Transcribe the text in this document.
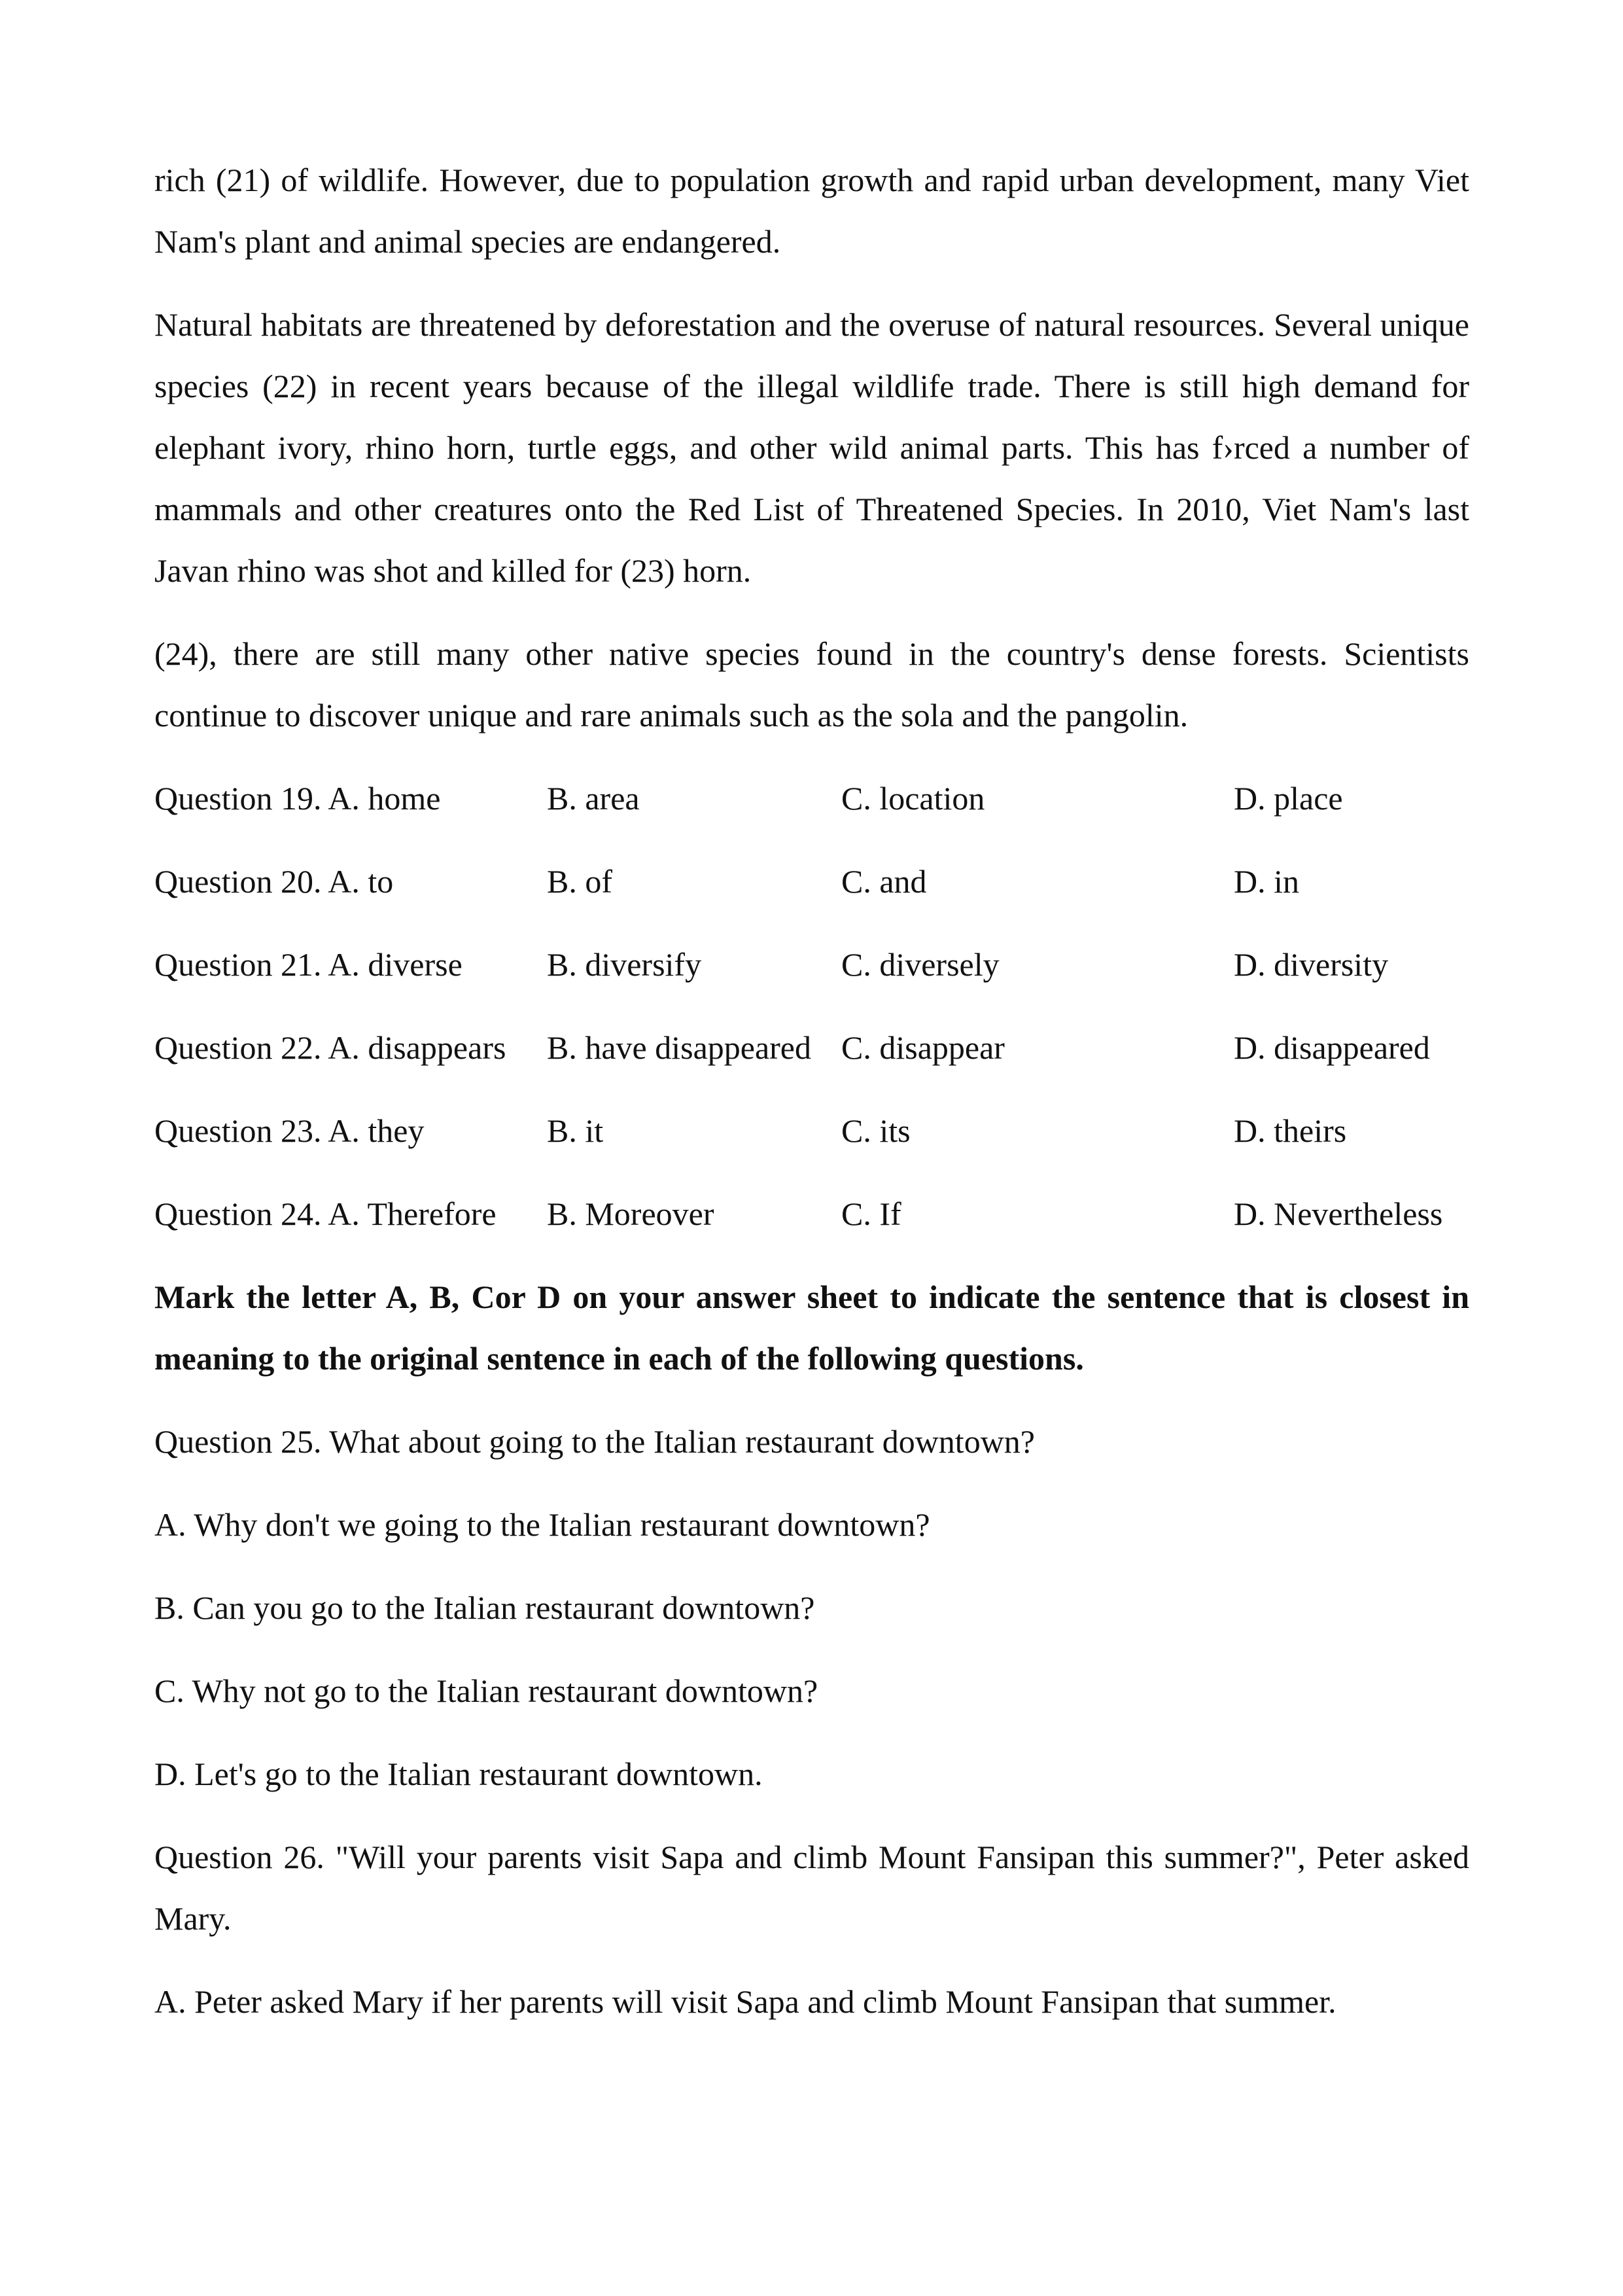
rich (21) of wildlife. However, due to population growth and rapid urban development, many Viet Nam's plant and animal species are endangered.

Natural habitats are threatened by deforestation and the overuse of natural resources. Several unique species (22) in recent years because of the illegal wildlife trade. There is still high demand for elephant ivory, rhino horn, turtle eggs, and other wild animal parts. This has f›rced a number of mammals and other creatures onto the Red List of Threatened Species. In 2010, Viet Nam's last Javan rhino was shot and killed for (23) horn.

(24), there are still many other native species found in the country's dense forests. Scientists continue to discover unique and rare animals such as the sola and the pangolin.

Question 19. A. home	B. area	C. location	D. place
Question 20. A. to	B. of	C. and	D. in
Question 21. A. diverse	B. diversify	C. diversely	D. diversity
Question 22. A. disappears	B. have disappeared C. disappear	D. disappeared
Question 23. A. they	B. it	C. its	D. theirs
Question 24. A. Therefore	B. Moreover	C. If	D. Nevertheless

Mark the letter A, B, Cor D on your answer sheet to indicate the sentence that is closest in meaning to the original sentence in each of the following questions.

Question 25. What about going to the Italian restaurant downtown?

A. Why don't we going to the Italian restaurant downtown?

B. Can you go to the Italian restaurant downtown?

C. Why not go to the Italian restaurant downtown?

D. Let's go to the Italian restaurant downtown.

Question 26. "Will your parents visit Sapa and climb Mount Fansipan this summer?", Peter asked Mary.

A. Peter asked Mary if her parents will visit Sapa and climb Mount Fansipan that summer.
